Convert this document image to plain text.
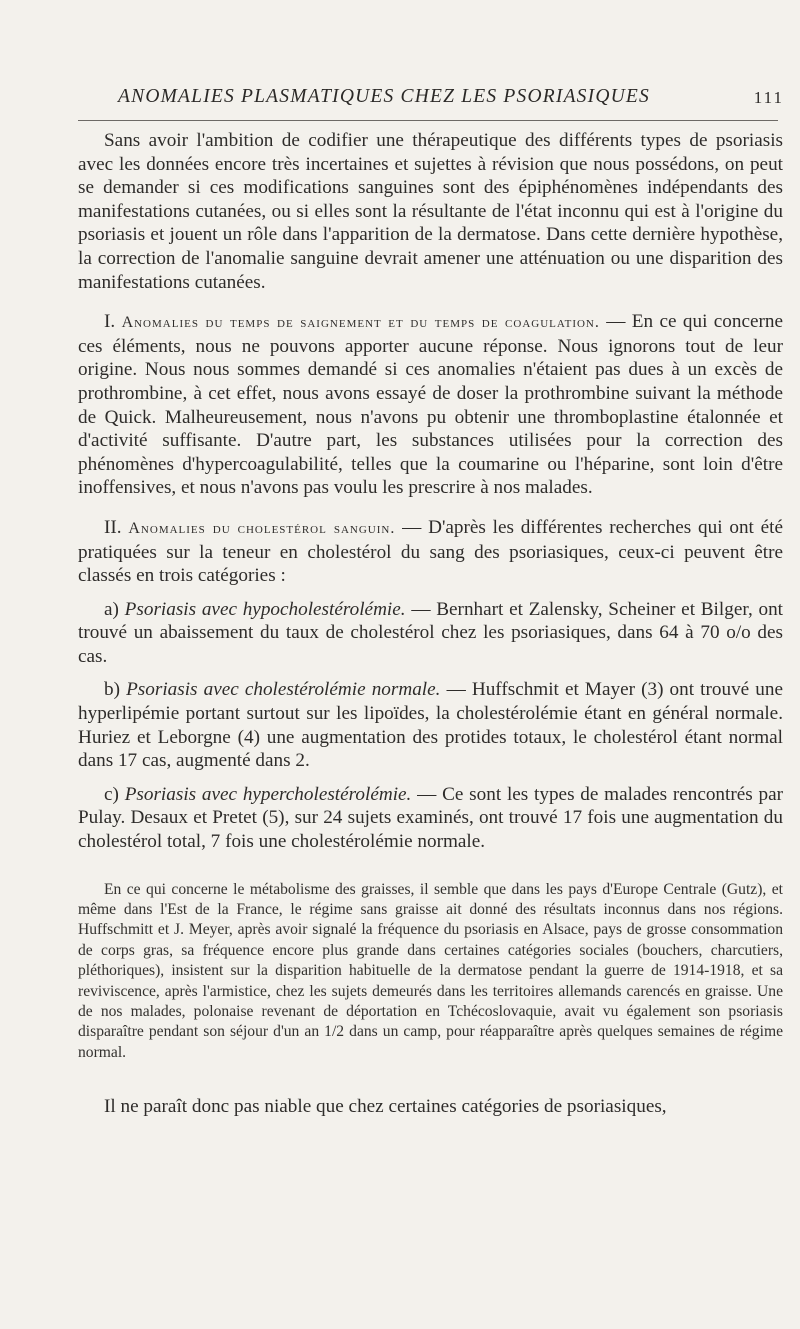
ANOMALIES PLASMATIQUES CHEZ LES PSORIASIQUES	111

Sans avoir l'ambition de codifier une thérapeutique des différents types de psoriasis avec les données encore très incertaines et sujettes à révision que nous possédons, on peut se demander si ces modifications sanguines sont des épiphénomènes indépendants des manifestations cutanées, ou si elles sont la résultante de l'état inconnu qui est à l'origine du psoriasis et jouent un rôle dans l'apparition de la dermatose. Dans cette dernière hypothèse, la correction de l'anomalie sanguine devrait amener une atténuation ou une disparition des manifestations cutanées.

I. Anomalies du temps de saignement et du temps de coagulation. — En ce qui concerne ces éléments, nous ne pouvons apporter aucune réponse. Nous ignorons tout de leur origine. Nous nous sommes demandé si ces anomalies n'étaient pas dues à un excès de prothrombine, à cet effet, nous avons essayé de doser la prothrombine suivant la méthode de Quick. Malheureusement, nous n'avons pu obtenir une thromboplastine étalonnée et d'activité suffisante. D'autre part, les substances utilisées pour la correction des phénomènes d'hypercoagulabilité, telles que la coumarine ou l'héparine, sont loin d'être inoffensives, et nous n'avons pas voulu les prescrire à nos malades.

II. Anomalies du cholestérol sanguin. — D'après les différentes recherches qui ont été pratiquées sur la teneur en cholestérol du sang des psoriasiques, ceux-ci peuvent être classés en trois catégories :

a) Psoriasis avec hypocholestérolémie. — Bernhart et Zalensky, Scheiner et Bilger, ont trouvé un abaissement du taux de cholestérol chez les psoriasiques, dans 64 à 70 o/o des cas.

b) Psoriasis avec cholestérolémie normale. — Huffschmit et Mayer (3) ont trouvé une hyperlipémie portant surtout sur les lipoïdes, la cholestérolémie étant en général normale. Huriez et Leborgne (4) une augmentation des protides totaux, le cholestérol étant normal dans 17 cas, augmenté dans 2.

c) Psoriasis avec hypercholestérolémie. — Ce sont les types de malades rencontrés par Pulay. Desaux et Pretet (5), sur 24 sujets examinés, ont trouvé 17 fois une augmentation du cholestérol total, 7 fois une cholestérolémie normale.

En ce qui concerne le métabolisme des graisses, il semble que dans les pays d'Europe Centrale (Gutz), et même dans l'Est de la France, le régime sans graisse ait donné des résultats inconnus dans nos régions. Huffschmitt et J. Meyer, après avoir signalé la fréquence du psoriasis en Alsace, pays de grosse consommation de corps gras, sa fréquence encore plus grande dans certaines catégories sociales (bouchers, charcutiers, pléthoriques), insistent sur la disparition habituelle de la dermatose pendant la guerre de 1914-1918, et sa reviviscence, après l'armistice, chez les sujets demeurés dans les territoires allemands carencés en graisse. Une de nos malades, polonaise revenant de déportation en Tchécoslovaquie, avait vu également son psoriasis disparaître pendant son séjour d'un an 1/2 dans un camp, pour réapparaître après quelques semaines de régime normal.

Il ne paraît donc pas niable que chez certaines catégories de psoriasiques,
